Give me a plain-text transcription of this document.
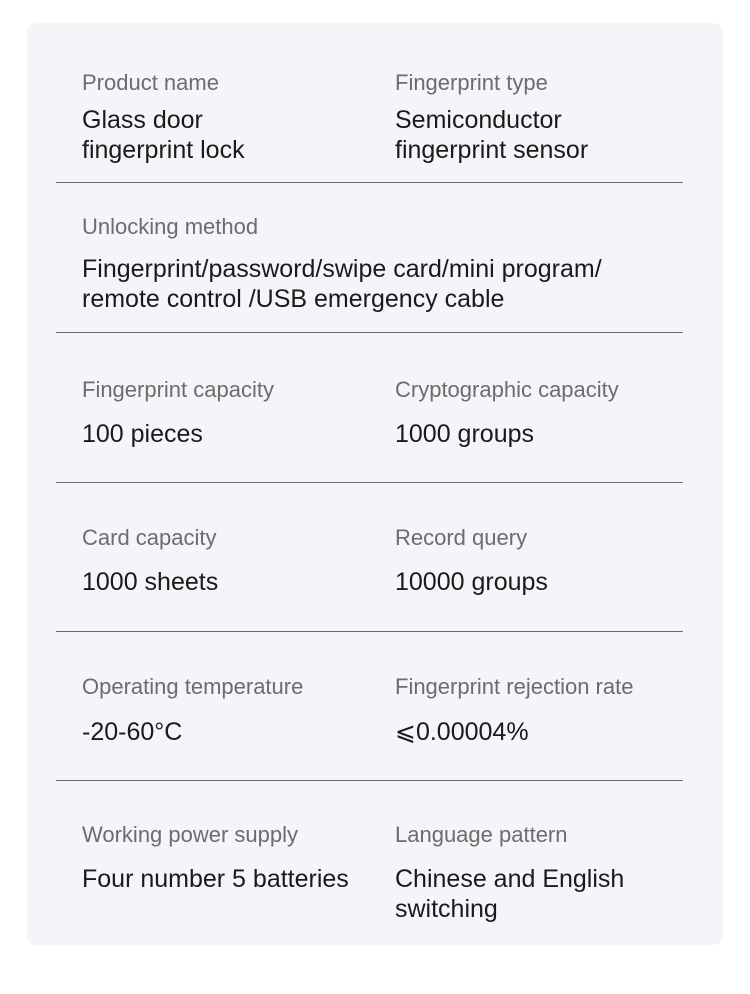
Product name
Glass door
fingerprint lock
Fingerprint type
Semiconductor
fingerprint sensor
Unlocking method
Fingerprint/password/swipe card/mini program/
remote control /USB emergency cable
Fingerprint capacity
100 pieces
Cryptographic capacity
1000 groups
Card capacity
1000 sheets
Record query
10000 groups
Operating temperature
-20-60°C
Fingerprint rejection rate
⩽0.00004%
Working power supply
Four number 5 batteries
Language pattern
Chinese and English
switching
